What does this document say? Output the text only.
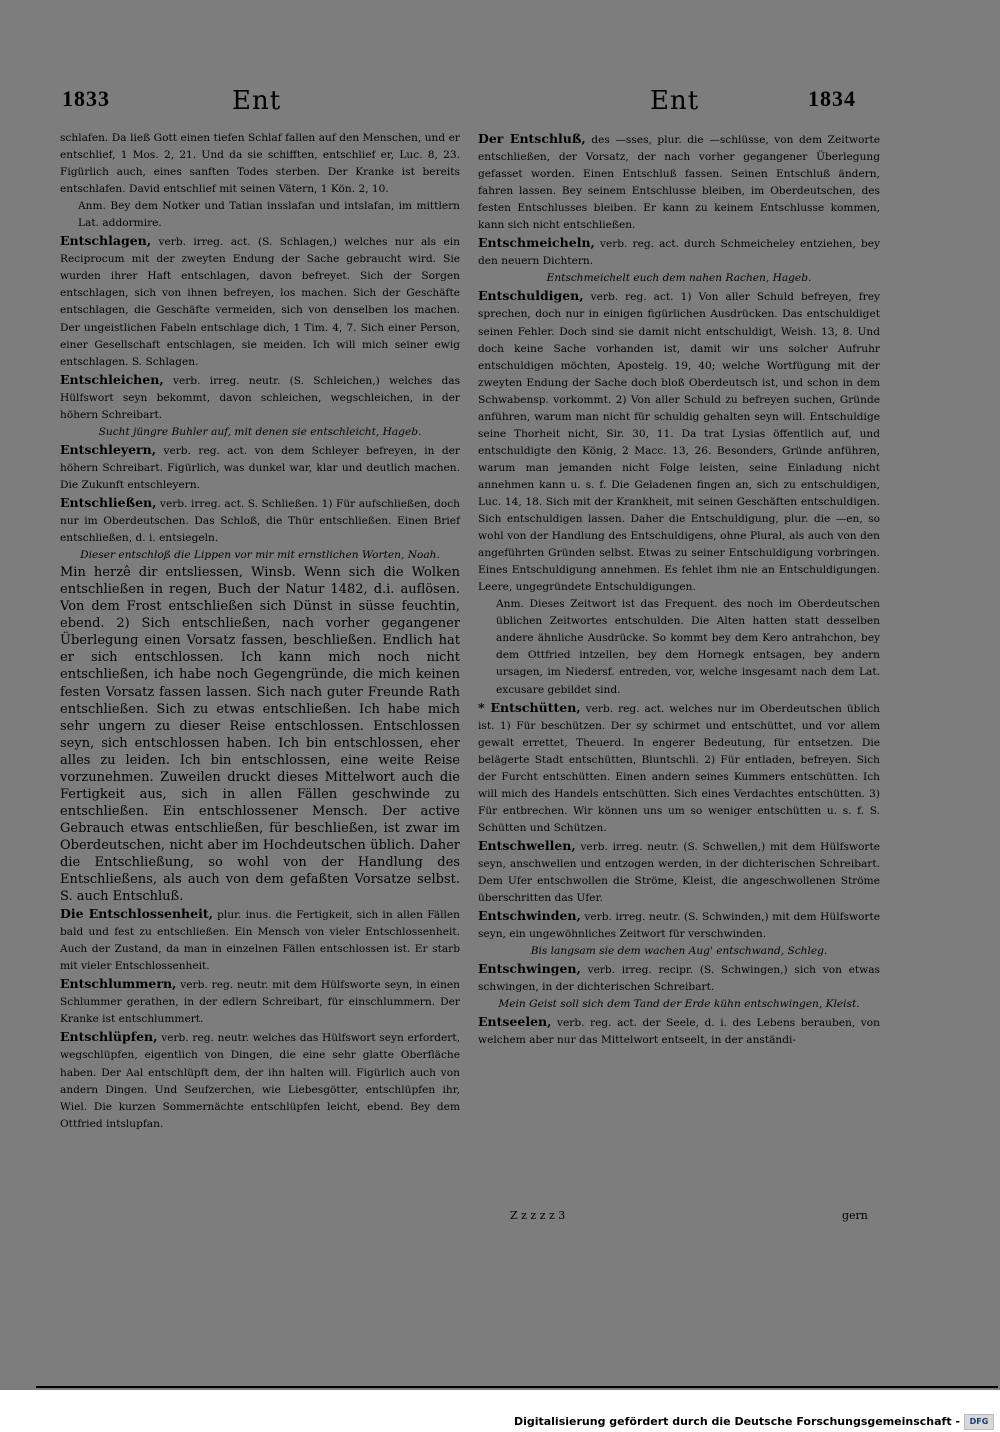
1833	Ent	Ent	1834

schlafen. Da ließ Gott einen tiefen Schlaf fallen auf den Menschen, und er entschlief, 1 Mos. 2, 21. Und da sie schifften, entschlief er, Luc. 8, 23. Figürlich auch, eines sanften Todes sterben. Der Kranke ist bereits entschlafen. David entschlief mit seinen Vätern, 1 Kön. 2, 10.

Anm. Bey dem Notker und Tatian insslafan und intslafan, im mittlern Lat. addormire.

Entschlagen, verb. irreg. act. (S. Schlagen,) welches nur als ein Reciprocum mit der zweyten Endung der Sache gebraucht wird. Sie wurden ihrer Haft entschlagen, davon befreyet. Sich der Sorgen entschlagen, sich von ihnen befreyen, los machen. Sich der Geschäfte entschlagen, die Geschäfte vermeiden, sich von denselben los machen. Der ungeistlichen Fabeln entschlage dich, 1 Tim. 4, 7. Sich einer Person, einer Gesellschaft entschlagen, sie meiden. Ich will mich seiner ewig entschlagen. S. Schlagen.

Entschleichen, verb. irreg. neutr. (S. Schleichen,) welches das Hülfswort seyn bekommt, davon schleichen, wegschleichen, in der höhern Schreibart.

Sucht jüngre Buhler auf, mit denen sie entschleicht, Hageb.

Entschleyern, verb. reg. act. von dem Schleyer befreyen, in der höhern Schreibart. Figürlich, was dunkel war, klar und deutlich machen. Die Zukunft entschleyern.

Entschließen, verb. irreg. act. S. Schließen. 1) Für aufschließen, doch nur im Oberdeutschen. Das Schloß, die Thür entschließen. Einen Brief entschließen, d. i. entsiegeln.

Dieser entschloß die Lippen vor mir mit ernstlichen Worten, Noah.

Min herzê dir entsliessen, Winsb. Wenn sich die Wolken entschließen in regen, Buch der Natur 1482, d.i. auflösen. Von dem Frost entschließen sich Dünst in süsse feuchtin, ebend. 2) Sich entschließen, nach vorher gegangener Überlegung einen Vorsatz fassen, beschließen. Endlich hat er sich entschlossen. Ich kann mich noch nicht entschließen, ich habe noch Gegengründe, die mich keinen festen Vorsatz fassen lassen. Sich nach guter Freunde Rath entschließen. Sich zu etwas entschließen. Ich habe mich sehr ungern zu dieser Reise entschlossen. Entschlossen seyn, sich entschlossen haben. Ich bin entschlossen, eher alles zu leiden. Ich bin entschlossen, eine weite Reise vorzunehmen. Zuweilen druckt dieses Mittelwort auch die Fertigkeit aus, sich in allen Fällen geschwinde zu entschließen. Ein entschlossener Mensch. Der active Gebrauch etwas entschließen, für beschließen, ist zwar im Oberdeutschen, nicht aber im Hochdeutschen üblich. Daher die Entschließung, so wohl von der Handlung des Entschließens, als auch von dem gefaßten Vorsatze selbst. S. auch Entschluß.

Die Entschlossenheit, plur. inus. die Fertigkeit, sich in allen Fällen bald und fest zu entschließen. Ein Mensch von vieler Entschlossenheit. Auch der Zustand, da man in einzelnen Fällen entschlossen ist. Er starb mit vieler Entschlossenheit.

Entschlummern, verb. reg. neutr. mit dem Hülfsworte seyn, in einen Schlummer gerathen, in der edlern Schreibart, für einschlummern. Der Kranke ist entschlummert.

Entschlüpfen, verb. reg. neutr. welches das Hülfswort seyn erfordert, wegschlüpfen, eigentlich von Dingen, die eine sehr glatte Oberfläche haben. Der Aal entschlüpft dem, der ihn halten will. Figürlich auch von andern Dingen. Und Seufzerchen, wie Liebesgötter, entschlüpfen ihr, Wiel. Die kurzen Sommernächte entschlüpfen leicht, ebend. Bey dem Ottfried intslupfan.

Der Entschluß, des —sses, plur. die —schlüsse, von dem Zeitworte entschließen, der Vorsatz, der nach vorher gegangener Überlegung gefasset worden. Einen Entschluß fassen. Seinen Entschluß ändern, fahren lassen. Bey seinem Entschlusse bleiben, im Oberdeutschen, des festen Entschlusses bleiben. Er kann zu keinem Entschlusse kommen, kann sich nicht entschließen.

Entschmeicheln, verb. reg. act. durch Schmeicheley entziehen, bey den neuern Dichtern.

Entschmeichelt euch dem nahen Rachen, Hageb.

Entschuldigen, verb. reg. act. 1) Von aller Schuld befreyen, frey sprechen, doch nur in einigen figürlichen Ausdrücken. Das entschuldiget seinen Fehler. Doch sind sie damit nicht entschuldigt, Weish. 13, 8. Und doch keine Sache vorhanden ist, damit wir uns solcher Aufruhr entschuldigen möchten, Apostelg. 19, 40; welche Wortfügung mit der zweyten Endung der Sache doch bloß Oberdeutsch ist, und schon in dem Schwabensp. vorkommt. 2) Von aller Schuld zu befreyen suchen, Gründe anführen, warum man nicht für schuldig gehalten seyn will. Entschuldige seine Thorheit nicht, Sir. 30, 11. Da trat Lysias öffentlich auf, und entschuldigte den König, 2 Macc. 13, 26. Besonders, Gründe anführen, warum man jemanden nicht Folge leisten, seine Einladung nicht annehmen kann u. s. f. Die Geladenen fingen an, sich zu entschuldigen, Luc. 14, 18. Sich mit der Krankheit, mit seinen Geschäften entschuldigen. Sich entschuldigen lassen. Daher die Entschuldigung, plur. die —en, so wohl von der Handlung des Entschuldigens, ohne Plural, als auch von den angeführten Gründen selbst. Etwas zu seiner Entschuldigung vorbringen. Eines Entschuldigung annehmen. Es fehlet ihm nie an Entschuldigungen. Leere, ungegründete Entschuldigungen.

Anm. Dieses Zeitwort ist das Frequent. des noch im Oberdeutschen üblichen Zeitwortes entschulden. Die Alten hatten statt desselben andere ähnliche Ausdrücke. So kommt bey dem Kero antrahchon, bey dem Ottfried intzellen, bey dem Hornegk entsagen, bey andern ursagen, im Niedersf. entreden, vor, welche insgesamt nach dem Lat. excusare gebildet sind.

* Entschütten, verb. reg. act. welches nur im Oberdeutschen üblich ist. 1) Für beschützen. Der sy schirmet und entschüttet, und vor allem gewalt errettet, Theuerd. In engerer Bedeutung, für entsetzen. Die belägerte Stadt entschütten, Bluntschli. 2) Für entladen, befreyen. Sich der Furcht entschütten. Einen andern seines Kummers entschütten. Ich will mich des Handels entschütten. Sich eines Verdachtes entschütten. 3) Für entbrechen. Wir können uns um so weniger entschütten u. s. f. S. Schütten und Schützen.

Entschwellen, verb. irreg. neutr. (S. Schwellen,) mit dem Hülfsworte seyn, anschwellen und entzogen werden, in der dichterischen Schreibart. Dem Ufer entschwollen die Ströme, Kleist, die angeschwollenen Ströme überschritten das Ufer.

Entschwinden, verb. irreg. neutr. (S. Schwinden,) mit dem Hülfsworte seyn, ein ungewöhnliches Zeitwort für verschwinden.

Bis langsam sie dem wachen Aug' entschwand, Schleg.

Entschwingen, verb. irreg. recipr. (S. Schwingen,) sich von etwas schwingen, in der dichterischen Schreibart.

Mein Geist soll sich dem Tand der Erde kühn entschwingen, Kleist.

Entseelen, verb. reg. act. der Seele, d. i. des Lebens berauben, von welchem aber nur das Mittelwort entseelt, in der anständi-

Z z z z z 3	gern
Digitalisierung gefördert durch die Deutsche Forschungsgemeinschaft -	DFG
